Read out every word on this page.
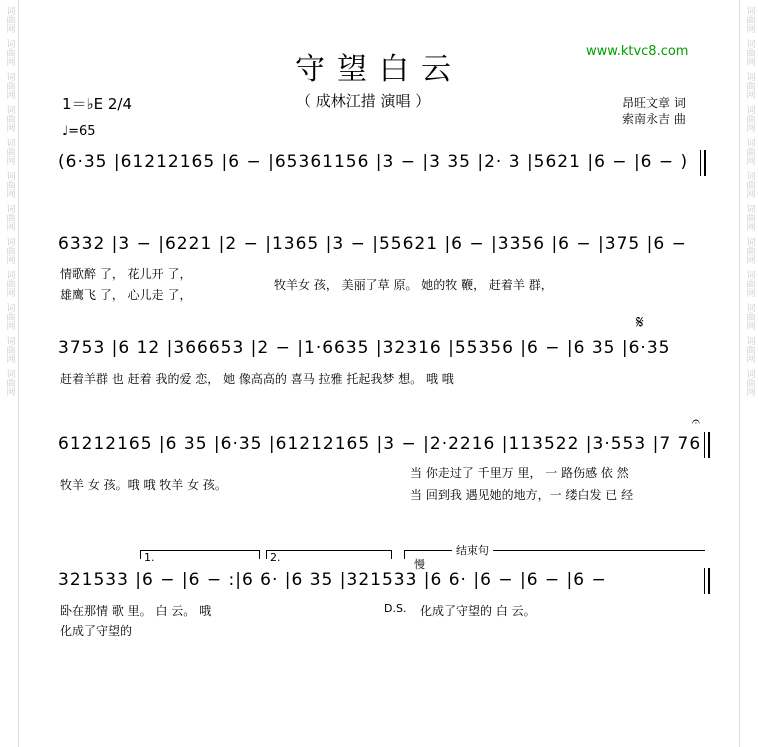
词曲网
词曲网
词曲网
词曲网
词曲网
词曲网
词曲网
词曲网
词曲网
词曲网
词曲网
词曲网
词曲网
词曲网
词曲网
词曲网
词曲网
词曲网
词曲网
词曲网
词曲网
词曲网
词曲网
词曲网
守望白云
www.ktvc8.com
（ 成林江措 演唱 ）	昂旺文章 词
索南永吉 曲
1＝♭E 2/4
♩=65
(6·35 |61212165 |6 − |65361156 |3 − |3 35 |2· 3 |5621 |6 − |6 − )
6332 |3 − |6221 |2 − |1365 |3 − |55621 |6 − |3356 |6 − |375 |6 −
情歌醉 了， 花儿开 了，
雄鹰飞 了， 心儿走 了，
牧羊女 孩， 美丽了草 原。 她的牧 鞭， 赶着羊 群，
3753 |6 12 |366653 |2 − |1·6635 |32316 |55356 |6 − |6 35 |6·35
𝄋
赶着羊群 也 赶着 我的爱 恋， 她 像高高的 喜马 拉雅 托起我梦 想。 哦 哦
61212165 |6 35 |6·35 |61212165 |3 − |2·2216 |113522 |3·553 |7 76
𝄐
牧羊 女 孩。哦 哦 牧羊 女 孩。
当 你走过了 千里万 里， 一 路伤感 依 然
当 回到我 遇见她的地方，一 缕白发 已 经
1.	2.
结束句
慢
321533 |6 − |6 − :|6 6· |6 35 |321533 |6 6· |6 − |6 − |6 −
卧在那情 歌 里。 白 云。 哦
化成了守望的
D.S. 化成了守望的 白 云。
